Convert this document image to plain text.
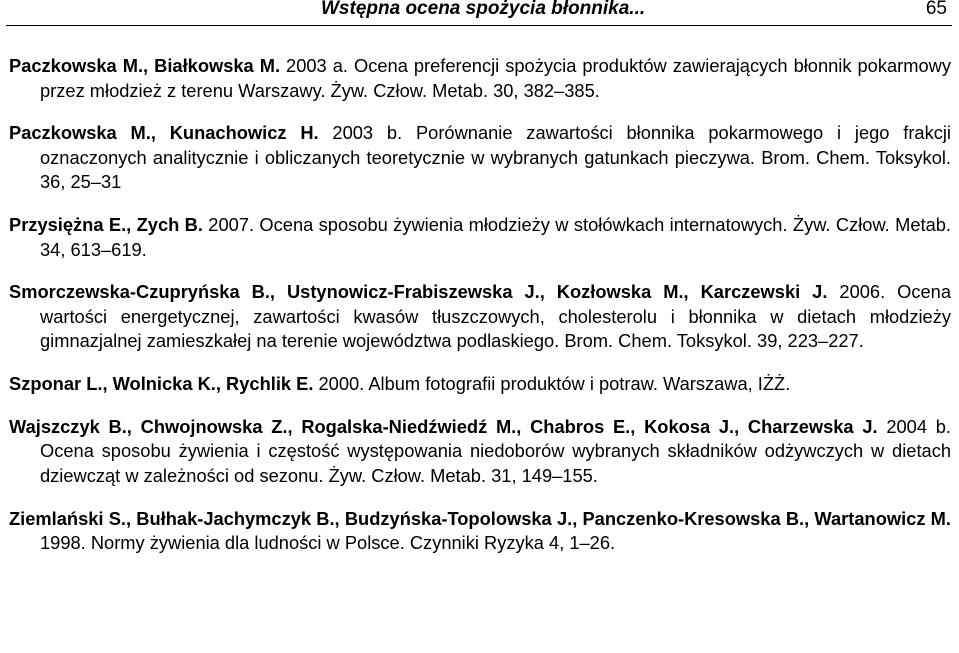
Wstępna ocena spożycia błonnika...	65

Paczkowska M., Białkowska M. 2003 a. Ocena preferencji spożycia produktów zawierających błonnik pokarmowy przez młodzież z terenu Warszawy. Żyw. Człow. Metab. 30, 382–385.

Paczkowska M., Kunachowicz H. 2003 b. Porównanie zawartości błonnika pokarmowego i jego frakcji oznaczonych analitycznie i obliczanych teoretycznie w wybranych gatunkach pieczywa. Brom. Chem. Toksykol. 36, 25–31

Przysiężna E., Zych B. 2007. Ocena sposobu żywienia młodzieży w stołówkach internatowych. Żyw. Człow. Metab. 34, 613–619.

Smorczewska-Czupryńska B., Ustynowicz-Frabiszewska J., Kozłowska M., Karczewski J. 2006. Ocena wartości energetycznej, zawartości kwasów tłuszczowych, cholesterolu i błonnika w dietach młodzieży gimnazjalnej zamieszkałej na terenie województwa podlaskiego. Brom. Chem. Toksykol. 39, 223–227.

Szponar L., Wolnicka K., Rychlik E. 2000. Album fotografii produktów i potraw. Warszawa, IŻŻ.

Wajszczyk B., Chwojnowska Z., Rogalska-Niedźwiedź M., Chabros E., Kokosa J., Charzewska J. 2004 b. Ocena sposobu żywienia i częstość występowania niedoborów wybranych składników odżywczych w dietach dziewcząt w zależności od sezonu. Żyw. Człow. Metab. 31, 149–155.

Ziemlański S., Bułhak-Jachymczyk B., Budzyńska-Topolowska J., Panczenko-Kresowska B., Wartanowicz M. 1998. Normy żywienia dla ludności w Polsce. Czynniki Ryzyka 4, 1–26.
